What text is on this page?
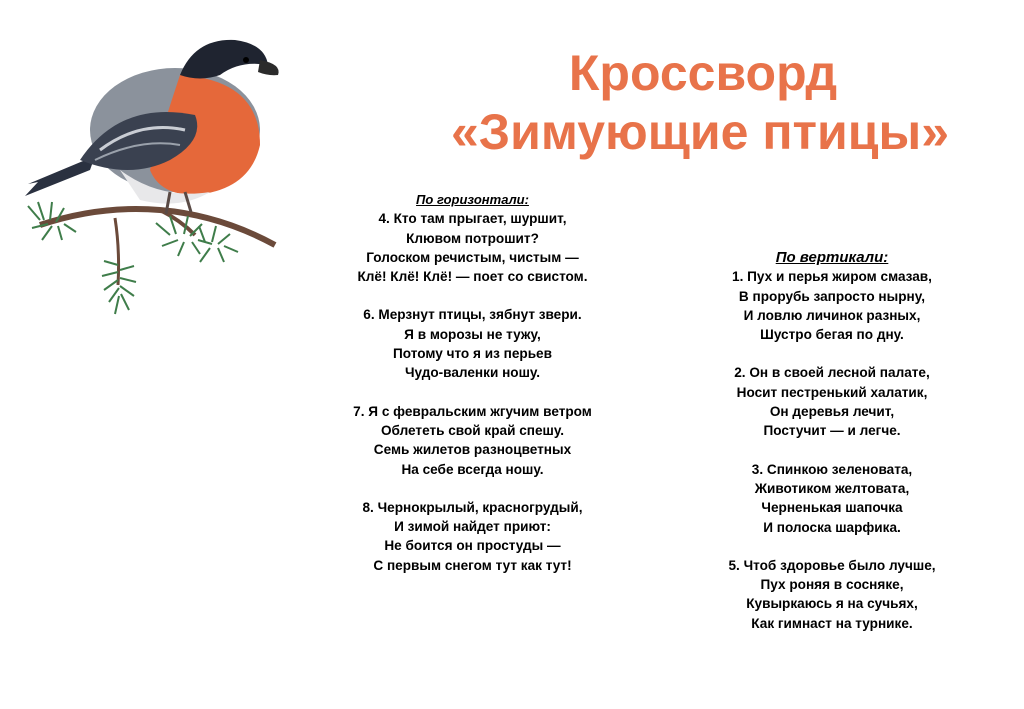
Кроссворд
«Зимующие птицы»
По горизонтали:
4. Кто там прыгает, шуршит,
Клювом потрошит?
Голоском речистым, чистым —
Клё! Клё! Клё! — поет со свистом.
6. Мерзнут птицы, зябнут звери.
Я в морозы не тужу,
Потому что я из перьев
Чудо-валенки ношу.
7. Я с февральским жгучим ветром
Облететь свой край спешу.
Семь жилетов разноцветных
На себе всегда ношу.
8. Чернокрылый, красногрудый,
И зимой найдет приют:
Не боится он простуды —
С первым снегом тут как тут!
По вертикали:
1. Пух и перья жиром смазав,
В прорубь запросто нырну,
И ловлю личинок разных,
Шустро бегая по дну.
2. Он в своей лесной палате,
Носит пестренький халатик,
Он деревья лечит,
Постучит — и легче.
3. Спинкою зеленовата,
Животиком желтовата,
Черненькая шапочка
И полоска шарфика.
5. Чтоб здоровье было лучше,
Пух роняя в сосняке,
Кувыркаюсь я на сучьях,
Как гимнаст на турнике.
